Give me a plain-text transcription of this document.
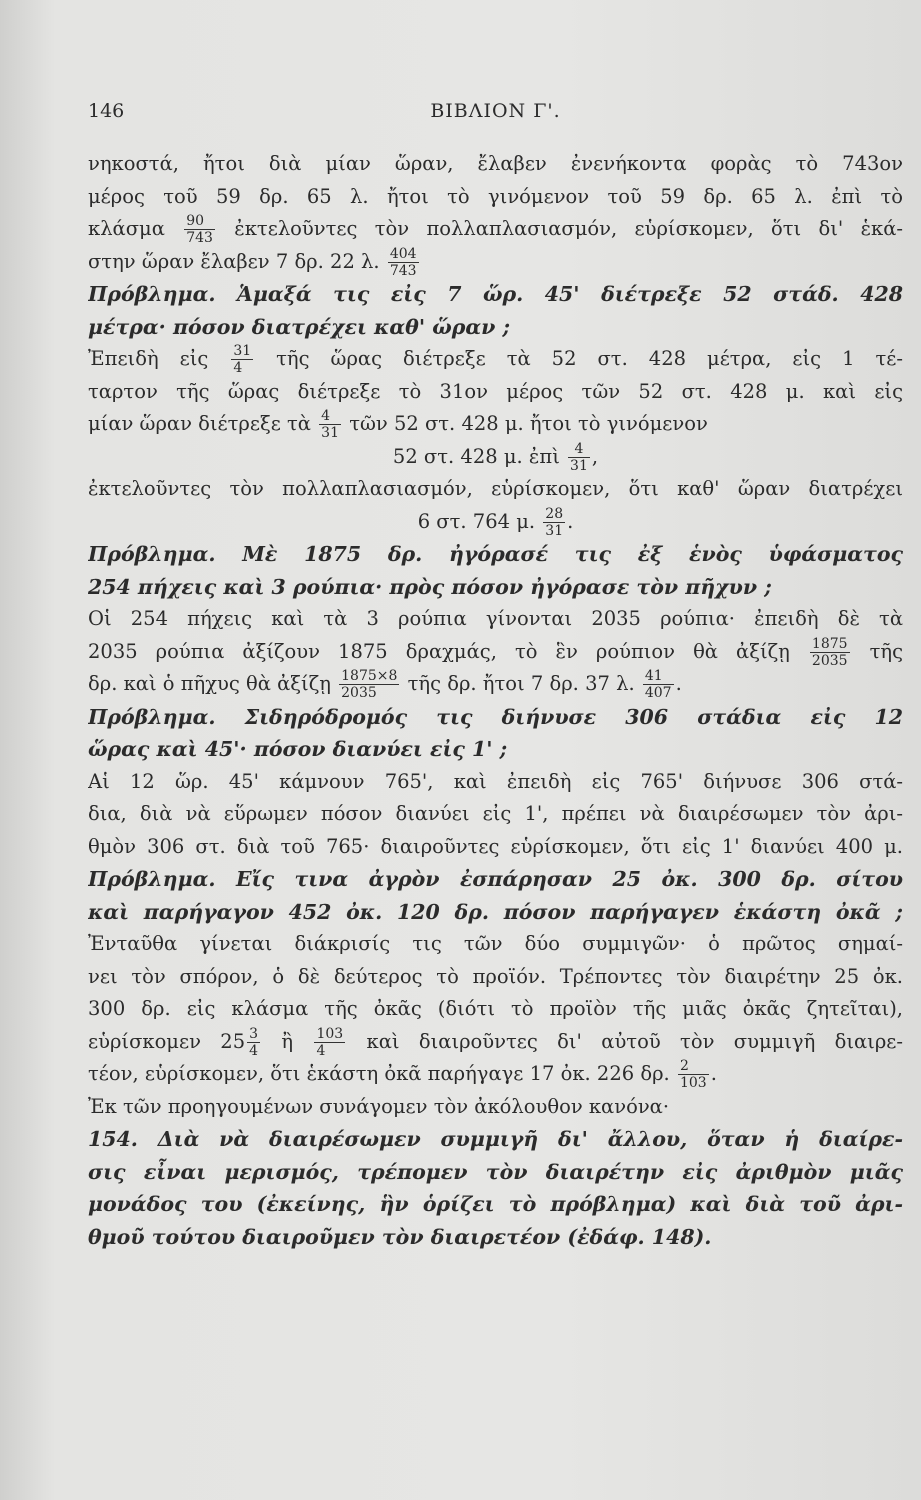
146	ΒΙΒΛΙΟΝ Γ'.
νηκοστά, ἤτοι διὰ μίαν ὥραν, ἔλαβεν ἐνενήκοντα φορὰς τὸ 743ον
μέρος τοῦ 59 δρ. 65 λ. ἤτοι τὸ γινόμενον τοῦ 59 δρ. 65 λ. ἐπὶ τὸ
κλάσμα $\frac{90}{743}$ ἐκτελοῦντες τὸν πολλαπλασιασμόν, εὑρίσκομεν, ὅτι δι' ἑκά-
στην ὥραν ἔλαβεν 7 δρ. 22 λ. $\frac{404}{743}$
Πρόβλημα. Ἁμαξά τις εἰς 7 ὥρ. 45' διέτρεξε 52 στάδ. 428
μέτρα· πόσον διατρέχει καθ' ὥραν ;
Ἐπειδὴ εἰς $\frac{31}{4}$ τῆς ὥρας διέτρεξε τὰ 52 στ. 428 μέτρα, εἰς 1 τέ-
ταρτον τῆς ὥρας διέτρεξε τὸ 31ον μέρος τῶν 52 στ. 428 μ. καὶ εἰς
μίαν ὥραν διέτρεξε τὰ $\frac{4}{31}$ τῶν 52 στ. 428 μ. ἤτοι τὸ γινόμενον
52 στ. 428 μ. ἐπὶ $\frac{4}{31}$ ,
ἐκτελοῦντες τὸν πολλαπλασιασμόν, εὑρίσκομεν, ὅτι καθ' ὥραν διατρέχει
6 στ. 764 μ. $\frac{28}{31}$ .
Πρόβλημα. Μὲ 1875 δρ. ἠγόρασέ τις ἐξ ἑνὸς ὑφάσματος
254 πήχεις καὶ 3 ρούπια· πρὸς πόσον ἠγόρασε τὸν πῆχυν ;
Οἱ 254 πήχεις καὶ τὰ 3 ρούπια γίνονται 2035 ρούπια· ἐπειδὴ δὲ τὰ
2035 ρούπια ἀξίζουν 1875 δραχμάς, τὸ ἓν ρούπιον θὰ ἀξίζῃ $\frac{1875}{2035}$ τῆς
δρ. καὶ ὁ πῆχυς θὰ ἀξίζῃ $\frac{1875\times 8}{2035}$ τῆς δρ. ἤτοι 7 δρ. 37 λ. $\frac{41}{407}$ .
Πρόβλημα. Σιδηρόδρομός τις διήνυσε 306 στάδια εἰς 12
ὥρας καὶ 45'· πόσον διανύει εἰς 1' ;
Αἱ 12 ὥρ. 45' κάμνουν 765', καὶ ἐπειδὴ εἰς 765' διήνυσε 306 στά-
δια, διὰ νὰ εὕρωμεν πόσον διανύει εἰς 1', πρέπει νὰ διαιρέσωμεν τὸν ἀρι-
θμὸν 306 στ. διὰ τοῦ 765· διαιροῦντες εὑρίσκομεν, ὅτι εἰς 1' διανύει 400 μ.
Πρόβλημα. Εἴς τινα ἀγρὸν ἐσπάρησαν 25 ὀκ. 300 δρ. σίτου
καὶ παρήγαγον 452 ὀκ. 120 δρ. πόσον παρήγαγεν ἑκάστη ὀκᾶ ;
Ἐνταῦθα γίνεται διάκρισίς τις τῶν δύο συμμιγῶν· ὁ πρῶτος σημαί-
νει τὸν σπόρον, ὁ δὲ δεύτερος τὸ προϊόν. Τρέποντες τὸν διαιρέτην 25 ὀκ.
300 δρ. εἰς κλάσμα τῆς ὀκᾶς (διότι τὸ προϊὸν τῆς μιᾶς ὀκᾶς ζητεῖται),
εὑρίσκομεν $25 \frac{3}{4}$ ἢ $\frac{103}{4}$ καὶ διαιροῦντες δι' αὐτοῦ τὸν συμμιγῆ διαιρε-
τέον, εὑρίσκομεν, ὅτι ἑκάστη ὀκᾶ παρήγαγε 17 ὀκ. 226 δρ. $\frac{2}{103}$ .
Ἐκ τῶν προηγουμένων συνάγομεν τὸν ἀκόλουθον κανόνα·
154. Διὰ νὰ διαιρέσωμεν συμμιγῆ δι' ἄλλου, ὅταν ἡ διαίρε-
σις εἶναι μερισμός, τρέπομεν τὸν διαιρέτην εἰς ἀριθμὸν μιᾶς
μονάδος του (ἐκείνης, ἣν ὁρίζει τὸ πρόβλημα) καὶ διὰ τοῦ ἀρι-
θμοῦ τούτου διαιροῦμεν τὸν διαιρετέον (ἐδάφ. 148).
